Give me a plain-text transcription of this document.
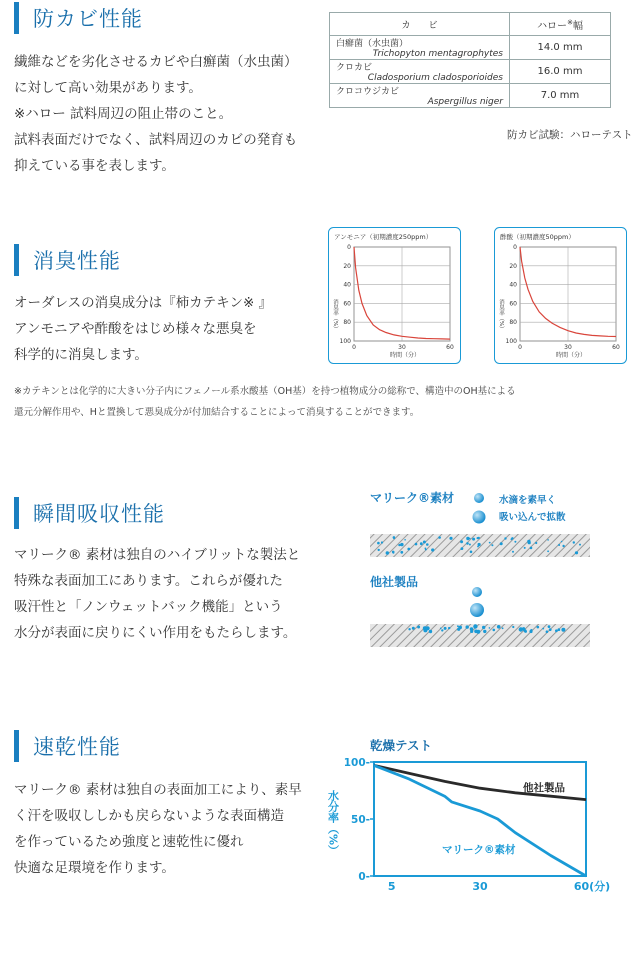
防カビ性能
繊維などを劣化させるカビや白癬菌（水虫菌）
に対して高い効果があります。
※ハロー 試料周辺の阻止帯のこと。
試料表面だけでなく、試料周辺のカビの発育も
抑えている事を表します。
カ　　ビ	ハロー※幅

白癬菌（水虫菌）
Trichopyton mentagrophytes	14.0 mm

クロカビ
Cladosporium cladosporioides	16.0 mm

クロコウジカビ
Aspergillus niger	7.0 mm
防カビ試験：ハローテスト
消臭性能
オーダレスの消臭成分は『柿カテキン※ 』
アンモニアや酢酸をはじめ様々な悪臭を
科学的に消臭します。
アンモニア（初期濃度250ppm）
0
20
40
60
80
100
0	30	60
消臭率（%）
時間（分）
酢酸（初期濃度50ppm）
0
20
40
60
80
100
0	30	60
消臭率（%）
時間（分）
※カテキンとは化学的に大きい分子内にフェノール系水酸基（OH基）を持つ植物成分の総称で、構造中のOH基による
還元分解作用や、Hと置換して悪臭成分が付加結合することによって消臭することができます。
瞬間吸収性能
マリーク® 素材は独自のハイブリットな製法と
特殊な表面加工にあります。これらが優れた
吸汗性と「ノンウェットバック機能」という
水分が表面に戻りにくい作用をもたらします。
マリーク®素材	水滴を素早く
吸い込んで拡散
他社製品
速乾性能
マリーク® 素材は独自の表面加工により、素早
く汗を吸収ししかも戻らないような表面構造
を作っているため強度と速乾性に優れ
快適な足環境を作ります。
乾燥テスト
水分率（%）
100-
50-
0-
5	30	60(分)
他社製品
マリーク®素材
